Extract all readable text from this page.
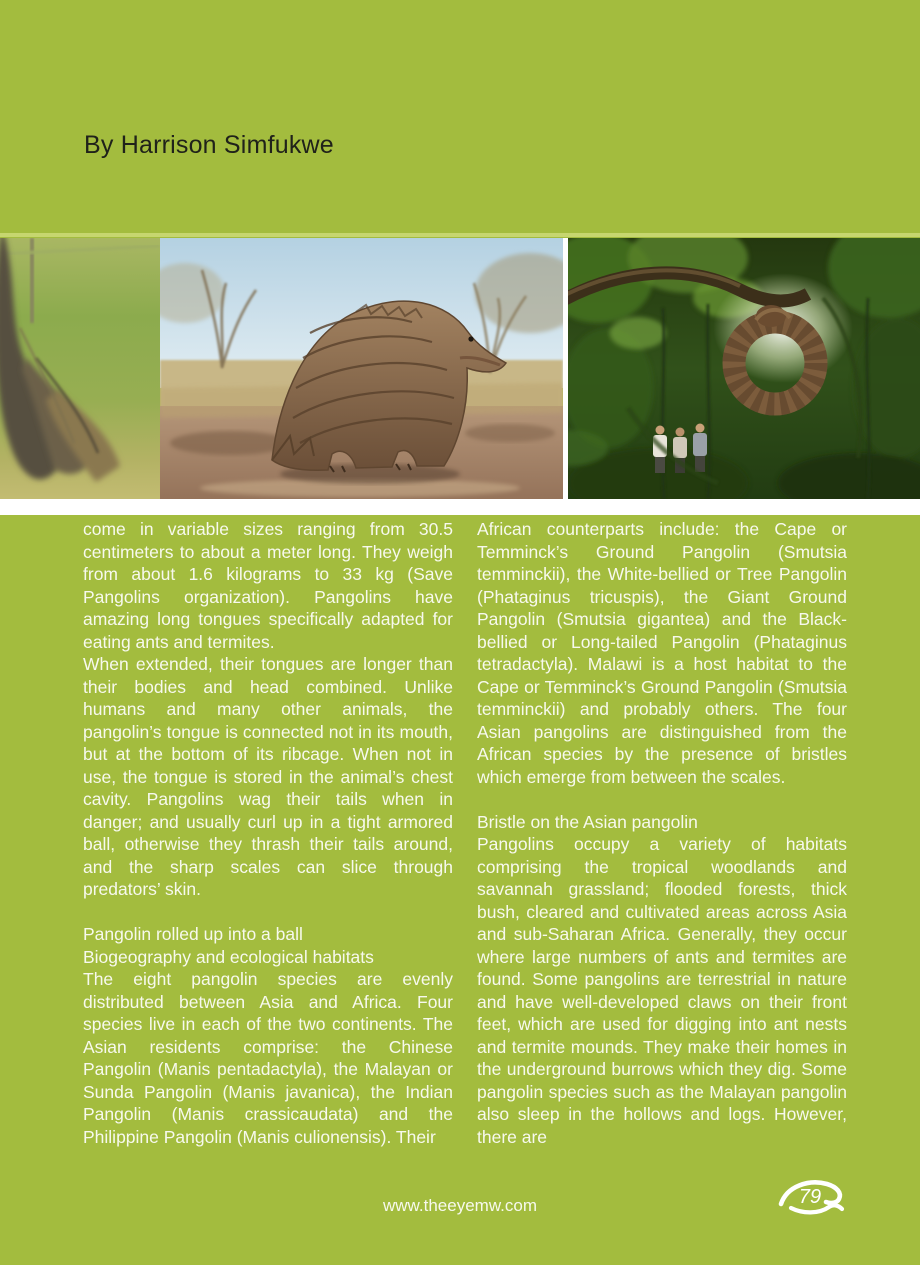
By Harrison Simfukwe

come in variable sizes ranging from 30.5 centimeters to about a meter long. They weigh from about 1.6 kilograms to 33 kg (Save Pangolins organization). Pangolins have amazing long tongues specifically adapted for eating ants and termites.

When extended, their tongues are longer than their bodies and head combined. Unlike humans and many other animals, the pangolin’s tongue is connected not in its mouth, but at the bottom of its ribcage. When not in use, the tongue is stored in the animal’s chest cavity. Pangolins wag their tails when in danger; and usually curl up in a tight armored ball, otherwise they thrash their tails around, and the sharp scales can slice through predators’ skin.

Pangolin rolled up into a ball
Biogeography and ecological habitats

The eight pangolin species are evenly distributed between Asia and Africa. Four species live in each of the two continents. The Asian residents comprise: the Chinese Pangolin (Manis pentadactyla), the Malayan or Sunda Pangolin (Manis javanica), the Indian Pangolin (Manis crassicaudata) and the Philippine Pangolin (Manis culionensis). Their

African counterparts include: the Cape or Temminck’s Ground Pangolin (Smutsia temminckii), the White-bellied or Tree Pangolin (Phataginus tricuspis), the Giant Ground Pangolin (Smutsia gigantea) and the Black-bellied or Long-tailed Pangolin (Phataginus tetradactyla). Malawi is a host habitat to the Cape or Temminck’s Ground Pangolin (Smutsia temminckii) and probably others. The four Asian pangolins are distinguished from the African species by the presence of bristles which emerge from between the scales.

Bristle on the Asian pangolin

Pangolins occupy a variety of habitats comprising the tropical woodlands and savannah grassland; flooded forests, thick bush, cleared and cultivated areas across Asia and sub-Saharan Africa. Generally, they occur where large numbers of ants and termites are found. Some pangolins are terrestrial in nature and have well-developed claws on their front feet, which are used for digging into ant nests and termite mounds. They make their homes in the underground burrows which they dig. Some pangolin species such as the Malayan pangolin also sleep in the hollows and logs. However, there are

www.theeyemw.com	79
